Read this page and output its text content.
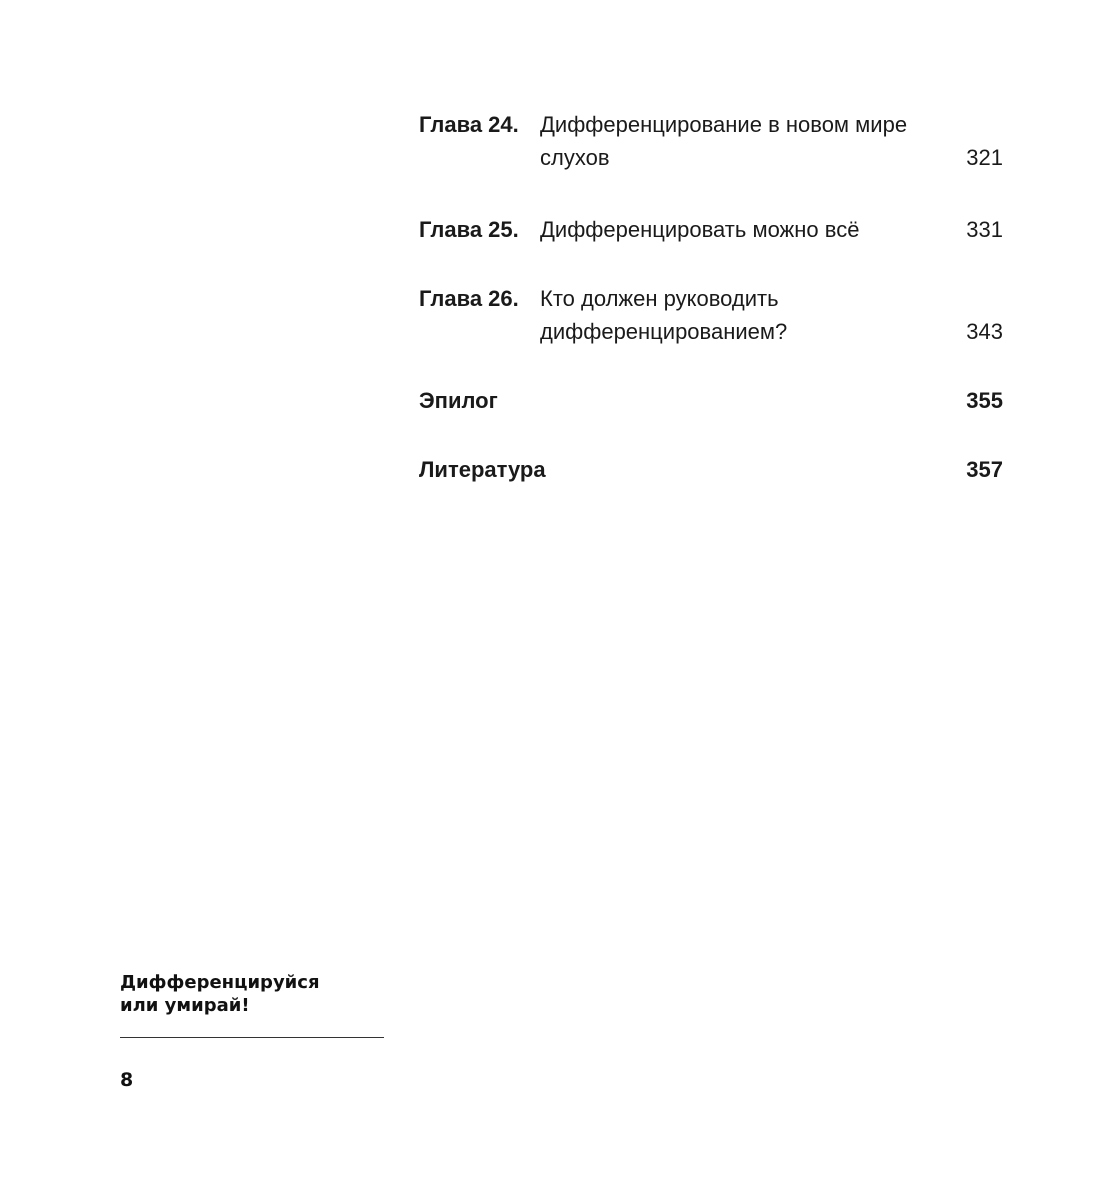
Глава 24. Дифференцирование в новом мире
слухов	321
Глава 25. Дифференцировать можно всё	331
Глава 26. Кто должен руководить
дифференцированием?	343
Эпилог	355
Литература	357
Дифференцируйся
или умирай!
8
